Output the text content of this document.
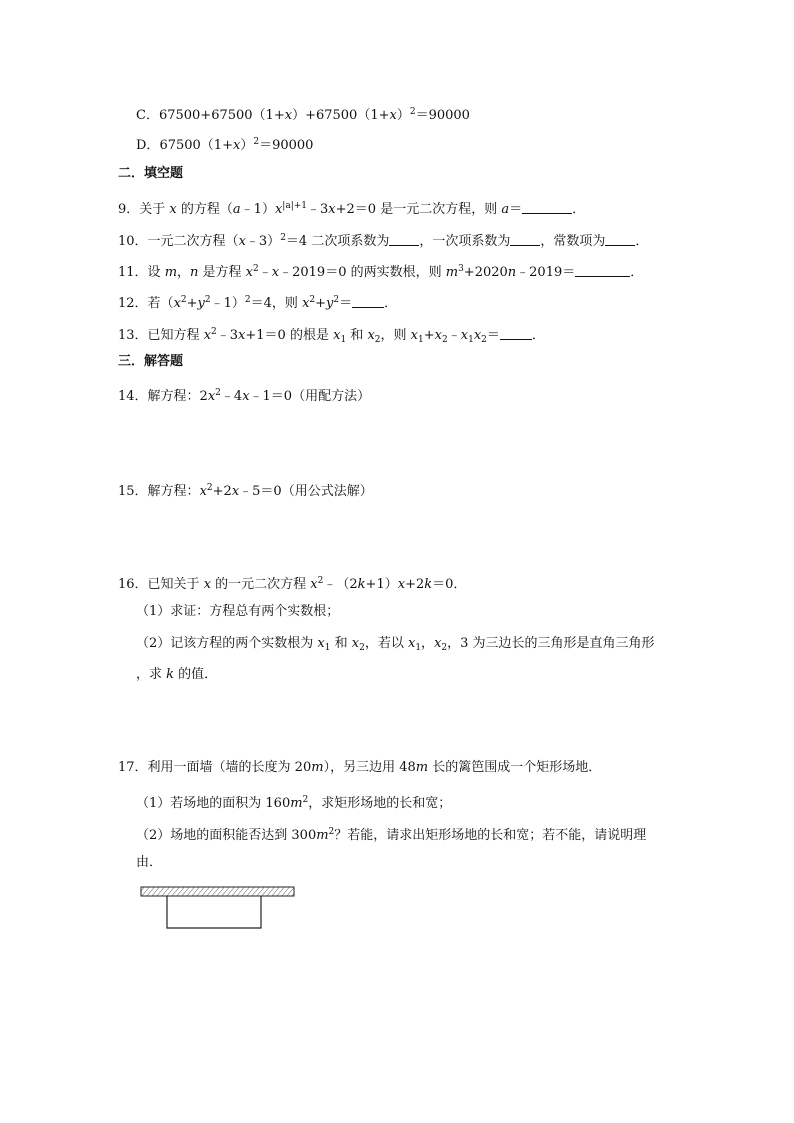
C．$67500+67500(1+x)+67500(1+x)^2=90000$
D．$67500(1+x)^2=90000$
二．填空题
9．关于 x 的方程$(a﹣1)x^{|a|+1}﹣3x+2=0$ 是一元二次方程，则 a＝	．
10．一元二次方程（x﹣3）$^2$＝4 二次项系数为 ，一次项系数为 ，常数项为 ．
11．设 m，n 是方程 $x^2﹣x﹣2019=0$ 的两实数根，则 $m^3+2020n﹣2019=$	．
12．若$(x^2+y^2﹣1)^2=4$，则 $x^2+y^2=$ ．
13．已知方程 $x^2﹣3x+1=0$ 的根是 $x_1$ 和 $x_2$，则 $x_1+x_2﹣x_1x_2=$ ．
三．解答题
14．解方程：$2x^2﹣4x﹣1=0$（用配方法）
15．解方程：$x^2+2x﹣5=0$（用公式法解）
16．已知关于 x 的一元二次方程 $x^2﹣(2k+1)x+2k=0$．
（1）求证：方程总有两个实数根；
（2）记该方程的两个实数根为 $x_1$ 和 $x_2$，若以 $x_1$，$x_2$，3 为三边长的三角形是直角三角形
，求 k 的值．
17．利用一面墙（墙的长度为 20m），另三边用 48m 长的篱笆围成一个矩形场地．
（1）若场地的面积为 $160m^2$，求矩形场地的长和宽；
（2）场地的面积能否达到 $300m^2$？若能，请求出矩形场地的长和宽；若不能，请说明理
由．
